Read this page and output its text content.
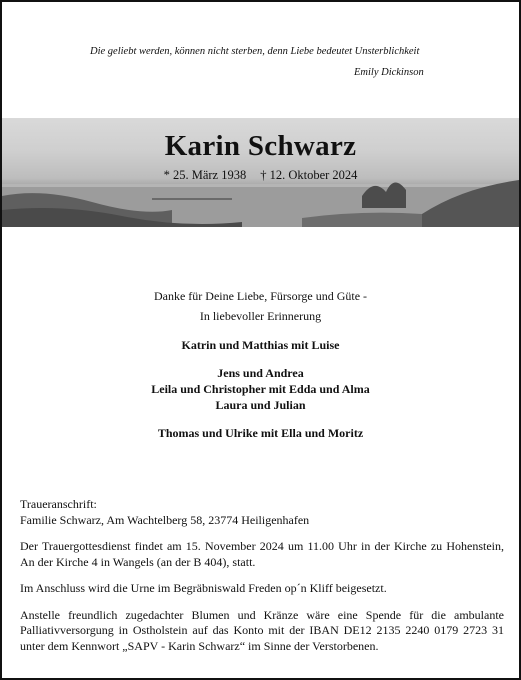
Die geliebt werden, können nicht sterben, denn Liebe bedeutet Unsterblichkeit
Emily Dickinson
Karin Schwarz
* 25. März 1938 † 12. Oktober 2024
Danke für Deine Liebe, Fürsorge und Güte -
In liebevoller Erinnerung
Katrin und Matthias mit Luise
Jens und Andrea
Leila und Christopher mit Edda und Alma
Laura und Julian
Thomas und Ulrike mit Ella und Moritz

Traueranschrift:

Familie Schwarz, Am Wachtelberg 58, 23774 Heiligenhafen

Der Trauergottesdienst findet am 15. November 2024 um 11.00 Uhr in der Kirche zu Hohenstein, An der Kirche 4 in Wangels (an der B 404), statt.

Im Anschluss wird die Urne im Begräbniswald Freden op´n Kliff beigesetzt.

Anstelle freundlich zugedachter Blumen und Kränze wäre eine Spende für die ambulante Palliativversorgung in Ostholstein auf das Konto mit der IBAN DE12 2135 2240 0179 2723 31 unter dem Kennwort „SAPV - Karin Schwarz“ im Sinne der Verstorbenen.
